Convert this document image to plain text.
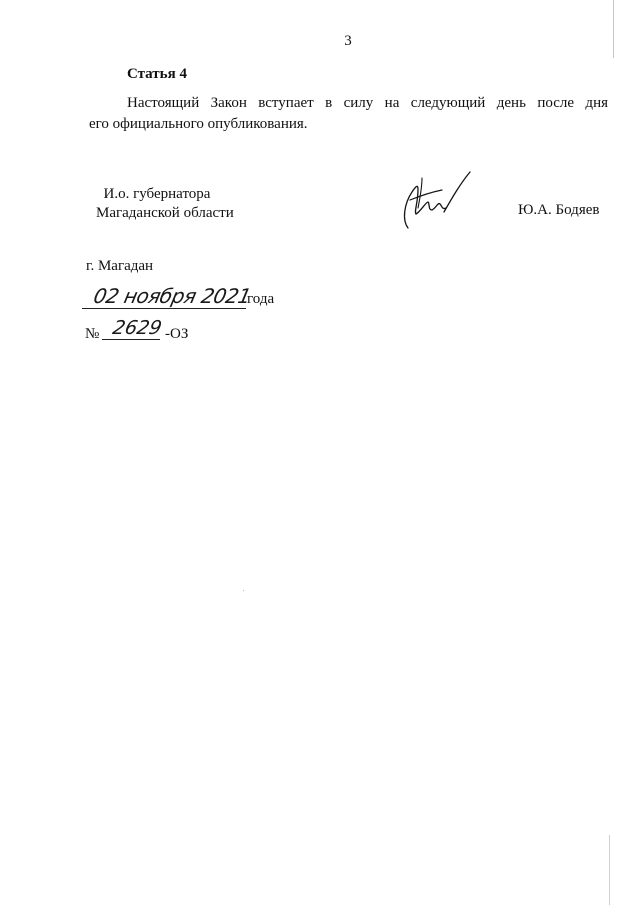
3
Статья 4
Настоящий Закон вступает в силу на следующий день после дня
его официального опубликования.
И.о. губернатора
Магаданской области	Ю.А. Бодяев
г. Магадан
02 ноября 2021
года
№ 2629 -ОЗ
